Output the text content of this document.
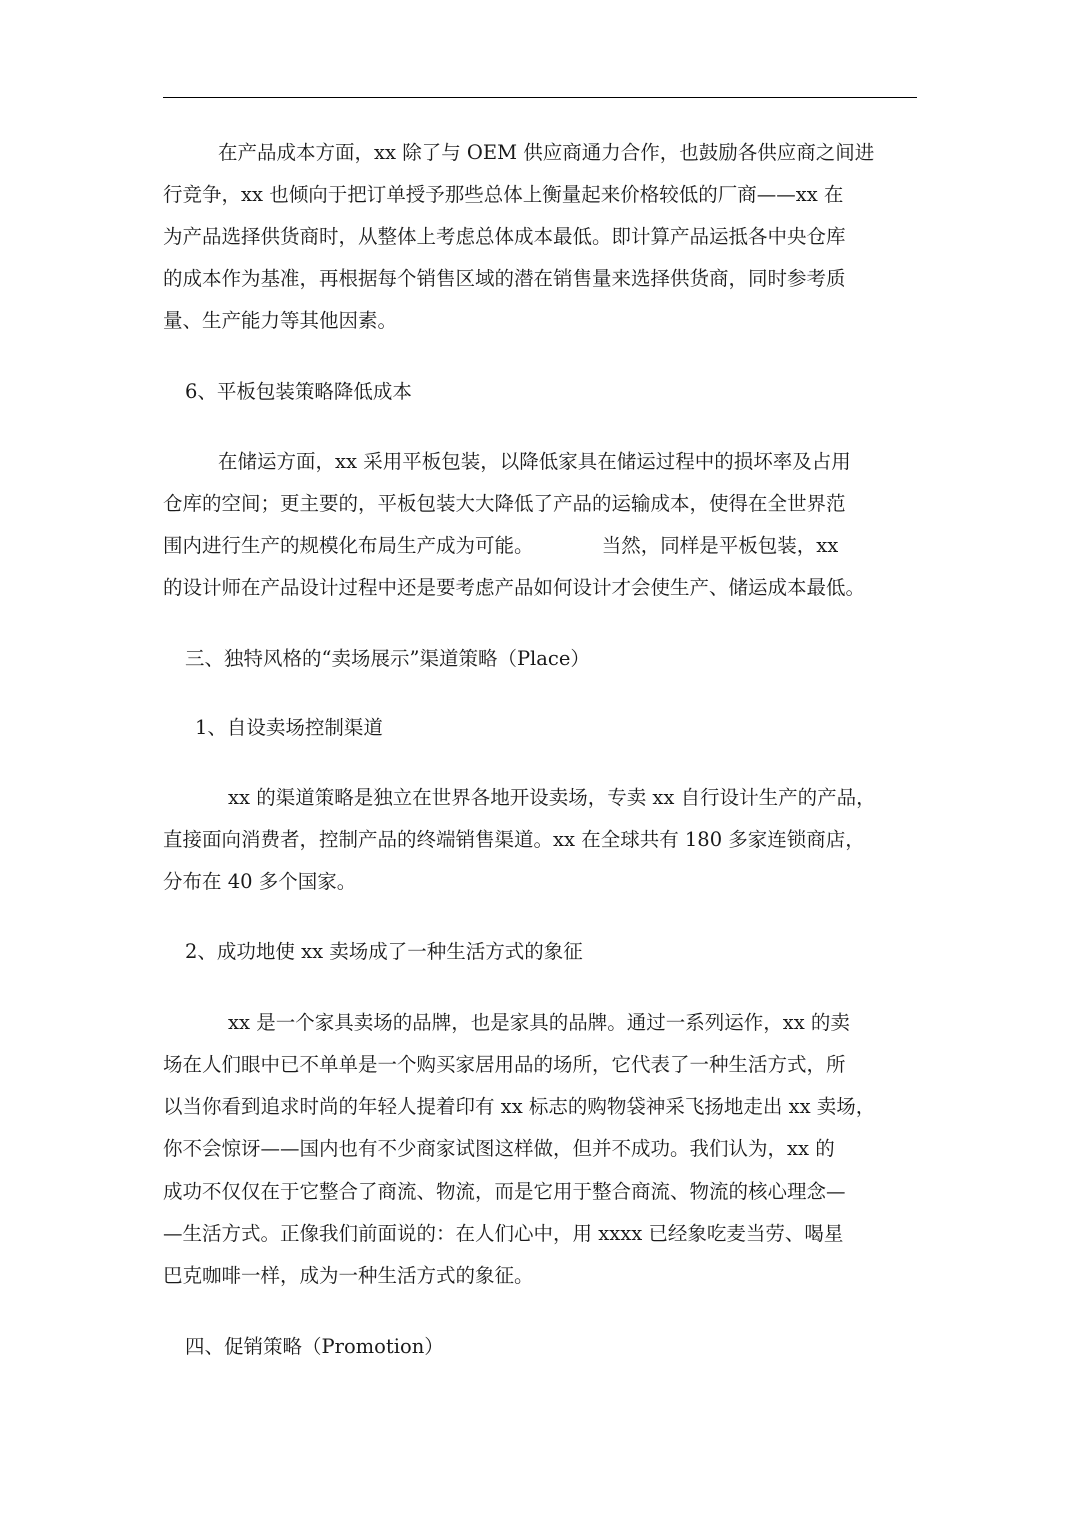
在产品成本方面，xx 除了与 OEM 供应商通力合作，也鼓励各供应商之间进
行竞争，xx 也倾向于把订单授予那些总体上衡量起来价格较低的厂商——xx 在
为产品选择供货商时，从整体上考虑总体成本最低。即计算产品运抵各中央仓库
的成本作为基准，再根据每个销售区域的潜在销售量来选择供货商，同时参考质
量、生产能力等其他因素。
6、平板包装策略降低成本
在储运方面，xx 采用平板包装，以降低家具在储运过程中的损坏率及占用
仓库的空间；更主要的，平板包装大大降低了产品的运输成本，使得在全世界范
围内进行生产的规模化布局生产成为可能。　　　　当然，同样是平板包装，xx
的设计师在产品设计过程中还是要考虑产品如何设计才会使生产、储运成本最低。
三、独特风格的“卖场展示”渠道策略（Place）
1、自设卖场控制渠道
xx 的渠道策略是独立在世界各地开设卖场，专卖 xx 自行设计生产的产品，
直接面向消费者，控制产品的终端销售渠道。xx 在全球共有 180 多家连锁商店，
分布在 40 多个国家。
2、成功地使 xx 卖场成了一种生活方式的象征
xx 是一个家具卖场的品牌，也是家具的品牌。通过一系列运作，xx 的卖
场在人们眼中已不单单是一个购买家居用品的场所，它代表了一种生活方式，所
以当你看到追求时尚的年轻人提着印有 xx 标志的购物袋神采飞扬地走出 xx 卖场，
你不会惊讶——国内也有不少商家试图这样做，但并不成功。我们认为，xx 的
成功不仅仅在于它整合了商流、物流，而是它用于整合商流、物流的核心理念—
—生活方式。正像我们前面说的：在人们心中，用 xxxx 已经象吃麦当劳、喝星
巴克咖啡一样，成为一种生活方式的象征。
四、促销策略（Promotion）
